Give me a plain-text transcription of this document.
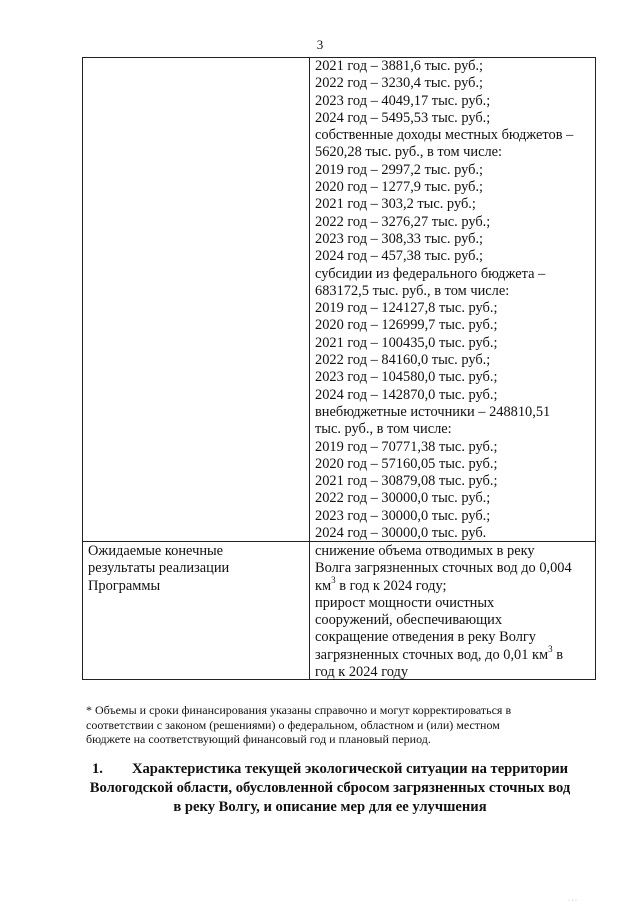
3
2021 год – 3881,6 тыс. руб.;
2022 год – 3230,4 тыс. руб.;
2023 год – 4049,17 тыс. руб.;
2024 год – 5495,53 тыс. руб.;
собственные доходы местных бюджетов –
5620,28 тыс. руб., в том числе:
2019 год – 2997,2 тыс. руб.;
2020 год – 1277,9 тыс. руб.;
2021 год – 303,2 тыс. руб.;
2022 год – 3276,27 тыс. руб.;
2023 год – 308,33 тыс. руб.;
2024 год – 457,38 тыс. руб.;
субсидии из федерального бюджета –
683172,5 тыс. руб., в том числе:
2019 год – 124127,8 тыс. руб.;
2020 год – 126999,7 тыс. руб.;
2021 год – 100435,0 тыс. руб.;
2022 год – 84160,0 тыс. руб.;
2023 год – 104580,0 тыс. руб.;
2024 год – 142870,0 тыс. руб.;
внебюджетные источники – 248810,51
тыс. руб., в том числе:
2019 год – 70771,38 тыс. руб.;
2020 год – 57160,05 тыс. руб.;
2021 год – 30879,08 тыс. руб.;
2022 год – 30000,0 тыс. руб.;
2023 год – 30000,0 тыс. руб.;
2024 год – 30000,0 тыс. руб.
Ожидаемые конечные
результаты реализации
Программы
снижение объема отводимых в реку
Волга загрязненных сточных вод до 0,004
$км^3$ в год к 2024 году;
прирост мощности очистных
сооружений, обеспечивающих
сокращение отведения в реку Волгу
загрязненных сточных вод, до 0,01 $км^3$ в
год к 2024 году
* Объемы и сроки финансирования указаны справочно и могут корректироваться в
соответствии с законом (решениями) о федеральном, областном и (или) местном
бюджете на соответствующий финансовый год и плановый период.
1. Характеристика текущей экологической ситуации на территории
Вологодской области, обусловленной сбросом загрязненных сточных вод
в реку Волгу, и описание мер для ее улучшения
· · ·
